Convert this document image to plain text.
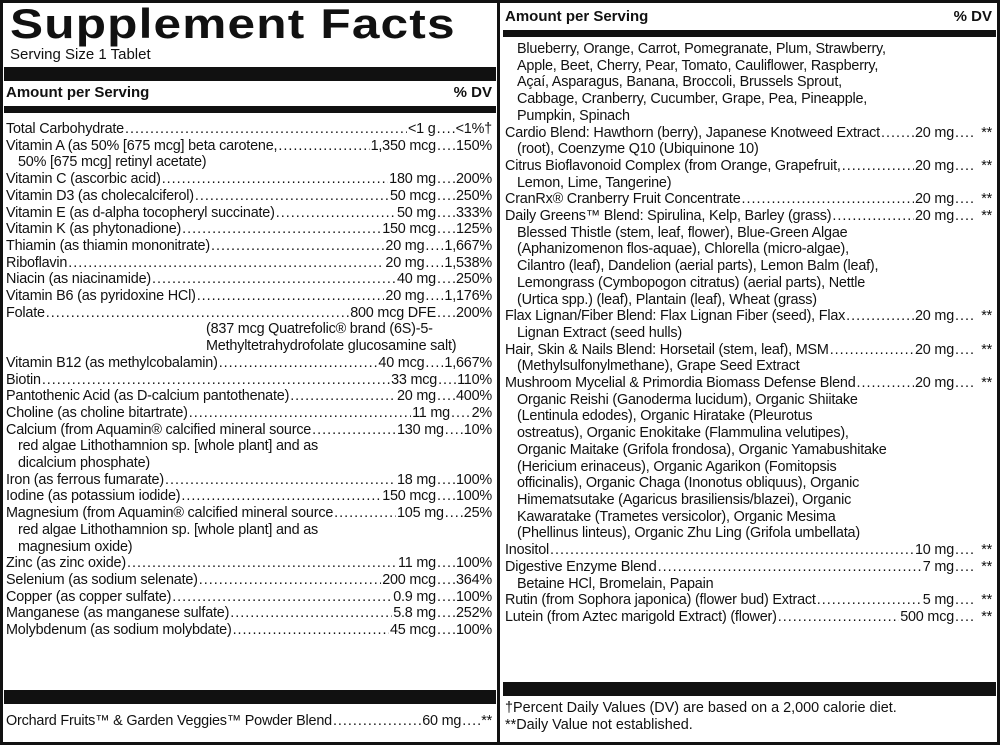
Supplement Facts
Serving Size 1 Tablet
Amount per Serving	% DV
Total Carbohydrate .....	<1 g ..... <1%†
Vitamin A (as 50% [675 mcg] beta carotene, .....	1,350 mcg ..... 150%
50% [675 mcg] retinyl acetate)
Vitamin C (ascorbic acid) .....	180 mg ..... 200%
Vitamin D3 (as cholecalciferol) .....	50 mcg ..... 250%
Vitamin E (as d-alpha tocopheryl succinate) .....	50 mg ..... 333%
Vitamin K (as phytonadione) .....	150 mcg ..... 125%
Thiamin (as thiamin mononitrate) .....	20 mg ..... 1,667%
Riboflavin .....	20 mg ..... 1,538%
Niacin (as niacinamide) .....	40 mg ..... 250%
Vitamin B6 (as pyridoxine HCl) .....	20 mg ..... 1,176%
Folate .....	800 mcg DFE ..... 200%
(837 mcg Quatrefolic® brand (6S)-5-
Methyltetrahydrofolate glucosamine salt)
Vitamin B12 (as methylcobalamin) .....	40 mcg ..... 1,667%
Biotin .....	33 mcg ..... 110%
Pantothenic Acid (as D-calcium pantothenate) .....	20 mg ..... 400%
Choline (as choline bitartrate) .....	11 mg ..... 2%
Calcium (from Aquamin® calcified mineral source .....	130 mg ..... 10%
red algae Lithothamnion sp. [whole plant] and as
dicalcium phosphate)
Iron (as ferrous fumarate) .....	18 mg ..... 100%
Iodine (as potassium iodide) .....	150 mcg ..... 100%
Magnesium (from Aquamin® calcified mineral source .....	105 mg ..... 25%
red algae Lithothamnion sp. [whole plant] and as
magnesium oxide)
Zinc (as zinc oxide) .....	11 mg ..... 100%
Selenium (as sodium selenate) .....	200 mcg ..... 364%
Copper (as copper sulfate) .....	0.9 mg ..... 100%
Manganese (as manganese sulfate) .....	5.8 mg ..... 252%
Molybdenum (as sodium molybdate) .....	45 mcg ..... 100%
Orchard Fruits™ & Garden Veggies™ Powder Blend .....	60 mg ..... **
Amount per Serving	% DV
Blueberry, Orange, Carrot, Pomegranate, Plum, Strawberry,
Apple, Beet, Cherry, Pear, Tomato, Cauliflower, Raspberry,
Açaí, Asparagus, Banana, Broccoli, Brussels Sprout,
Cabbage, Cranberry, Cucumber, Grape, Pea, Pineapple,
Pumpkin, Spinach
Cardio Blend: Hawthorn (berry), Japanese Knotweed Extract ..... 20 mg .....	**
(root), Coenzyme Q10 (Ubiquinone 10)
Citrus Bioflavonoid Complex (from Orange, Grapefruit, .....	20 mg .....	**
Lemon, Lime, Tangerine)
CranRx® Cranberry Fruit Concentrate .....	20 mg .....	**
Daily Greens™ Blend: Spirulina, Kelp, Barley (grass) .....	20 mg .....	**
Blessed Thistle (stem, leaf, flower), Blue-Green Algae
(Aphanizomenon flos-aquae), Chlorella (micro-algae),
Cilantro (leaf), Dandelion (aerial parts), Lemon Balm (leaf),
Lemongrass (Cymbopogon citratus) (aerial parts), Nettle
(Urtica spp.) (leaf), Plantain (leaf), Wheat (grass)
Flax Lignan/Fiber Blend: Flax Lignan Fiber (seed), Flax .....	20 mg .....	**
Lignan Extract (seed hulls)
Hair, Skin & Nails Blend: Horsetail (stem, leaf), MSM .....	20 mg .....	**
(Methylsulfonylmethane), Grape Seed Extract
Mushroom Mycelial & Primordia Biomass Defense Blend .....	20 mg .....	**
Organic Reishi (Ganoderma lucidum), Organic Shiitake
(Lentinula edodes), Organic Hiratake (Pleurotus
ostreatus), Organic Enokitake (Flammulina velutipes),
Organic Maitake (Grifola frondosa), Organic Yamabushitake
(Hericium erinaceus), Organic Agarikon (Fomitopsis
officinalis), Organic Chaga (Inonotus obliquus), Organic
Himematsutake (Agaricus brasiliensis/blazei), Organic
Kawaratake (Trametes versicolor), Organic Mesima
(Phellinus linteus), Organic Zhu Ling (Grifola umbellata)
Inositol .....	10 mg .....	**
Digestive Enzyme Blend .....	7 mg .....	**
Betaine HCl, Bromelain, Papain
Rutin (from Sophora japonica) (flower bud) Extract .....	5 mg .....	**
Lutein (from Aztec marigold Extract) (flower) .....	500 mcg .....	**
†Percent Daily Values (DV) are based on a 2,000 calorie diet.
**Daily Value not established.
